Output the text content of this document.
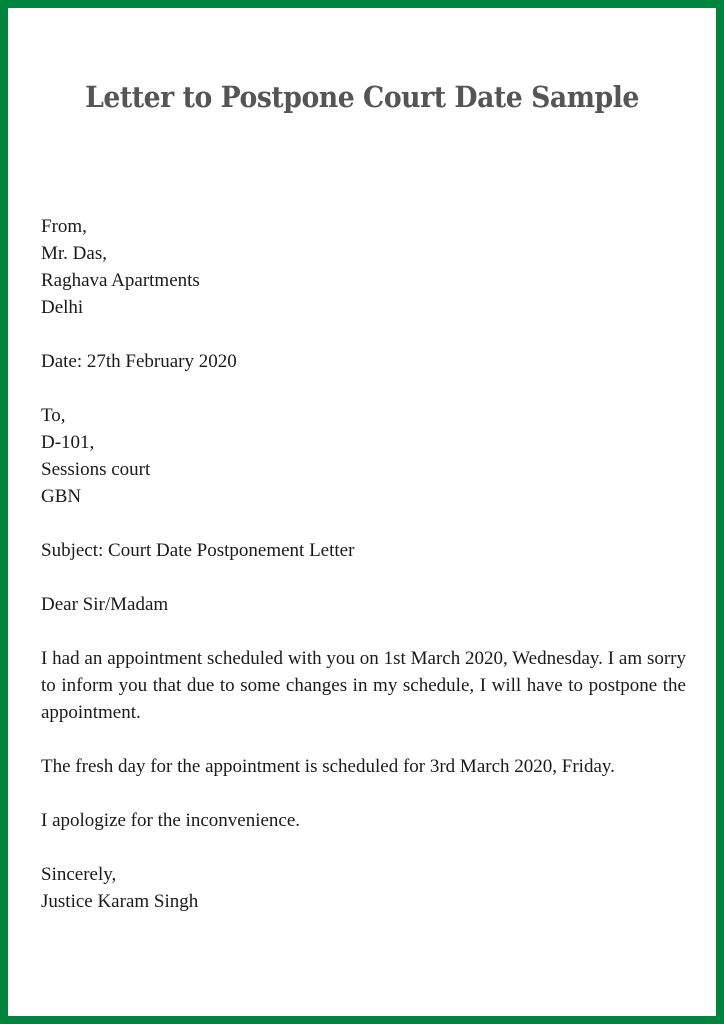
Letter to Postpone Court Date Sample
From,
Mr. Das,
Raghava Apartments
Delhi
Date: 27th February 2020
To,
D-101,
Sessions court
GBN
Subject: Court Date Postponement Letter
Dear Sir/Madam
I had an appointment scheduled with you on 1st March 2020, Wednesday. I am sorry to inform you that due to some changes in my schedule, I will have to postpone the appointment.
The fresh day for the appointment is scheduled for 3rd March 2020, Friday.
I apologize for the inconvenience.
Sincerely,
Justice Karam Singh
